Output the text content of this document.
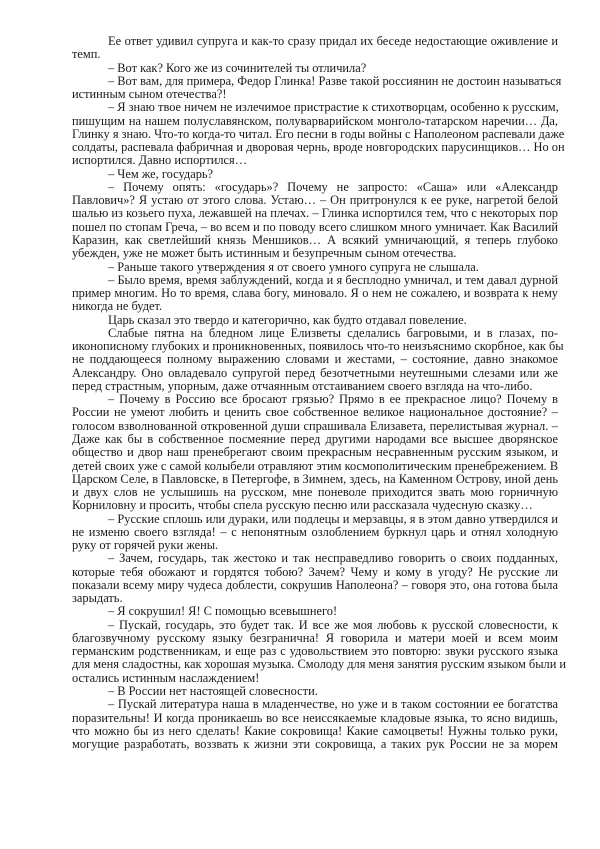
Ее ответ удивил супруга и как-то сразу придал их беседе недостающие оживление и
темп.
– Вот как? Кого же из сочинителей ты отличила?
– Вот вам, для примера, Федор Глинка! Разве такой россиянин не достоин называться
истинным сыном отечества?!
– Я знаю твое ничем не излечимое пристрастие к стихотворцам, особенно к русским,
пишущим на нашем полуславянском, полуварварийском монголо-татарском наречии… Да,
Глинку я знаю. Что-то когда-то читал. Его песни в годы войны с Наполеоном распевали даже
солдаты, распевала фабричная и дворовая чернь, вроде новгородских парусинщиков… Но он
испортился. Давно испортился…
– Чем же, государь?
– Почему опять: «государь»? Почему не запросто: «Саша» или «Александр
Павлович»? Я устаю от этого слова. Устаю… – Он притронулся к ее руке, нагретой белой
шалью из козьего пуха, лежавшей на плечах. – Глинка испортился тем, что с некоторых пор
пошел по стопам Греча, – во всем и по поводу всего слишком много умничает. Как Василий
Каразин, как светлейший князь Меншиков… А всякий умничающий, я теперь глубоко
убежден, уже не может быть истинным и безупречным сыном отечества.
– Раньше такого утверждения я от своего умного супруга не слышала.
– Было время, время заблуждений, когда и я бесплодно умничал, и тем давал дурной
пример многим. Но то время, слава богу, миновало. Я о нем не сожалею, и возврата к нему
никогда не будет.
Царь сказал это твердо и категорично, как будто отдавал повеление.
Слабые пятна на бледном лице Елизветы сделались багровыми, и в глазах, по-
иконописному глубоких и проникновенных, появилось что-то неизъяснимо скорбное, как бы
не поддающееся полному выражению словами и жестами, – состояние, давно знакомое
Александру. Оно овладевало супругой перед безотчетными неутешными слезами или же
перед страстным, упорным, даже отчаянным отстаиванием своего взгляда на что-либо.
– Почему в Россию все бросают грязью? Прямо в ее прекрасное лицо? Почему в
России не умеют любить и ценить свое собственное великое национальное достояние? –
голосом взволнованной откровенной души спрашивала Елизавета, перелистывая журнал. –
Даже как бы в собственное посмеяние перед другими народами все высшее дворянское
общество и двор наш пренебрегают своим прекрасным несравненным русским языком, и
детей своих уже с самой колыбели отравляют этим космополитическим пренебрежением. В
Царском Селе, в Павловске, в Петергофе, в Зимнем, здесь, на Каменном Острову, иной день
и двух слов не услышишь на русском, мне поневоле приходится звать мою горничную
Корниловну и просить, чтобы спела русскую песню или рассказала чудесную сказку…
– Русские сплошь или дураки, или подлецы и мерзавцы, я в этом давно утвердился и
не изменю своего взгляда! – с непонятным озлоблением буркнул царь и отнял холодную
руку от горячей руки жены.
– Зачем, государь, так жестоко и так несправедливо говорить о своих подданных,
которые тебя обожают и гордятся тобою? Зачем? Чему и кому в угоду? Не русские ли
показали всему миру чудеса доблести, сокрушив Наполеона? – говоря это, она готова была
зарыдать.
– Я сокрушил! Я! С помощью всевышнего!
– Пускай, государь, это будет так. И все же моя любовь к русской словесности, к
благозвучному русскому языку безгранична! Я говорила и матери моей и всем моим
германским родственникам, и еще раз с удовольствием это повторю: звуки русского языка
для меня сладостны, как хорошая музыка. Смолоду для меня занятия русским языком были и
остались истинным наслаждением!
– В России нет настоящей словесности.
– Пускай литература наша в младенчестве, но уже и в таком состоянии ее богатства
поразительны! И когда проникаешь во все неиссякаемые кладовые языка, то ясно видишь,
что можно бы из него сделать! Какие сокровища! Какие самоцветы! Нужны только руки,
могущие разработать, воззвать к жизни эти сокровища, а таких рук России не за морем
